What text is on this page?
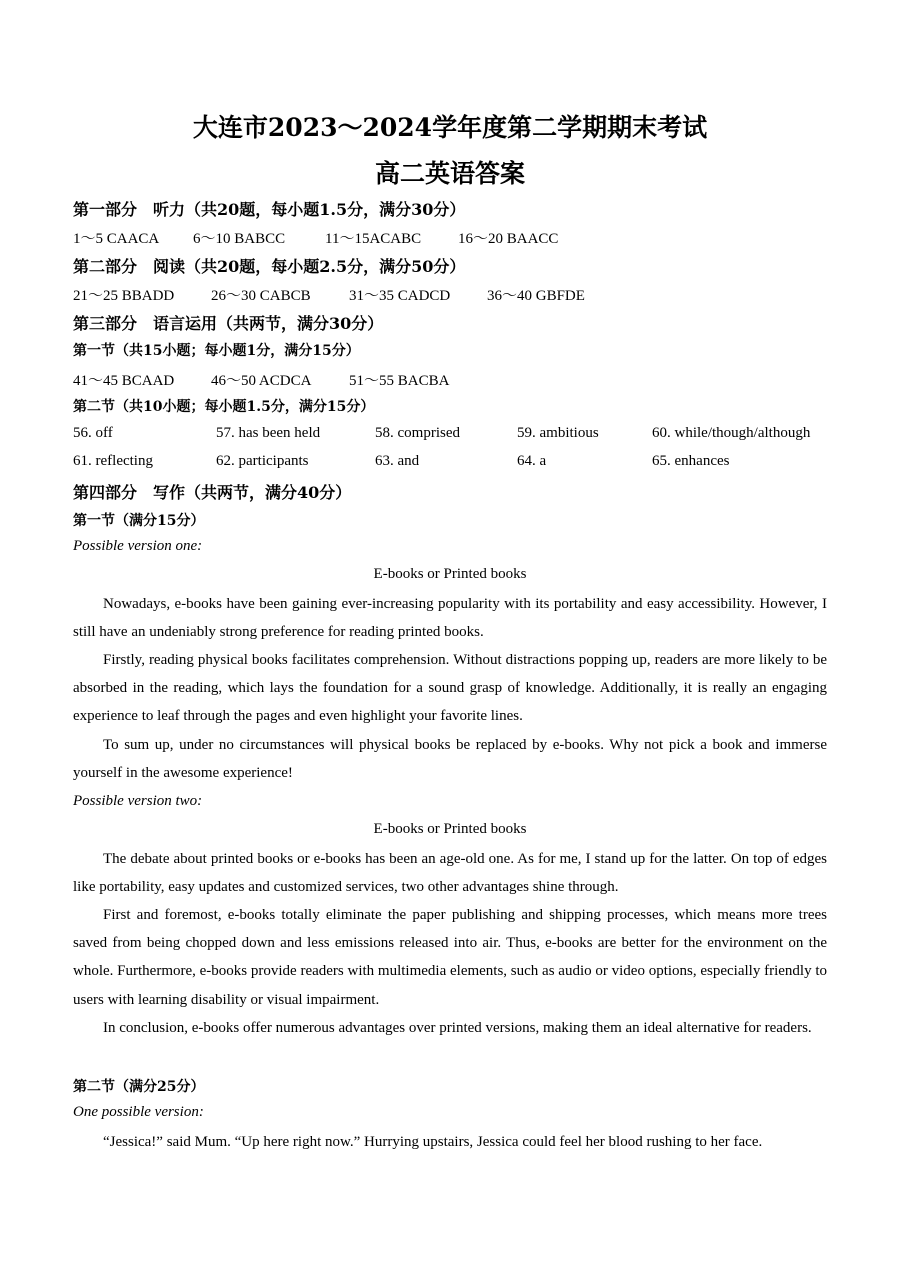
大连市2023～2024学年度第二学期期末考试
高二英语答案
第一部分　听力（共20题，每小题1.5分，满分30分）
1～5 CAACA 6～10 BABCC	11～15ACABC 16～20 BAACC
第二部分　阅读（共20题，每小题2.5分，满分50分）
21～25 BBADD 26～30 CABCB	31～35 CADCD 36～40 GBFDE
第三部分　语言运用（共两节，满分30分）
第一节（共15小题；每小题1分，满分15分）
41～45 BCAAD 46～50 ACDCA	51～55 BACBA
第二节（共10小题；每小题1.5分，满分15分）
56. off	57. has been held	58. comprised	59. ambitious	60. while/though/although
61. reflecting	62. participants	63. and	64. a	65. enhances
第四部分　写作（共两节，满分40分）
第一节（满分15分）
Possible version one:
E-books or Printed books
Nowadays, e-books have been gaining ever-increasing popularity with its portability and easy accessibility. However, I still have an undeniably strong preference for reading printed books.
Firstly, reading physical books facilitates comprehension. Without distractions popping up, readers are more likely to be absorbed in the reading, which lays the foundation for a sound grasp of knowledge. Additionally, it is really an engaging experience to leaf through the pages and even highlight your favorite lines.
To sum up, under no circumstances will physical books be replaced by e-books. Why not pick a book and immerse yourself in the awesome experience!
Possible version two:
E-books or Printed books
The debate about printed books or e-books has been an age-old one. As for me, I stand up for the latter. On top of edges like portability, easy updates and customized services, two other advantages shine through.
First and foremost, e-books totally eliminate the paper publishing and shipping processes, which means more trees saved from being chopped down and less emissions released into air. Thus, e-books are better for the environment on the whole. Furthermore, e-books provide readers with multimedia elements, such as audio or video options, especially friendly to users with learning disability or visual impairment.
In conclusion, e-books offer numerous advantages over printed versions, making them an ideal alternative for readers.
第二节（满分25分）
One possible version:
“Jessica!” said Mum. “Up here right now.” Hurrying upstairs, Jessica could feel her blood rushing to her face.
